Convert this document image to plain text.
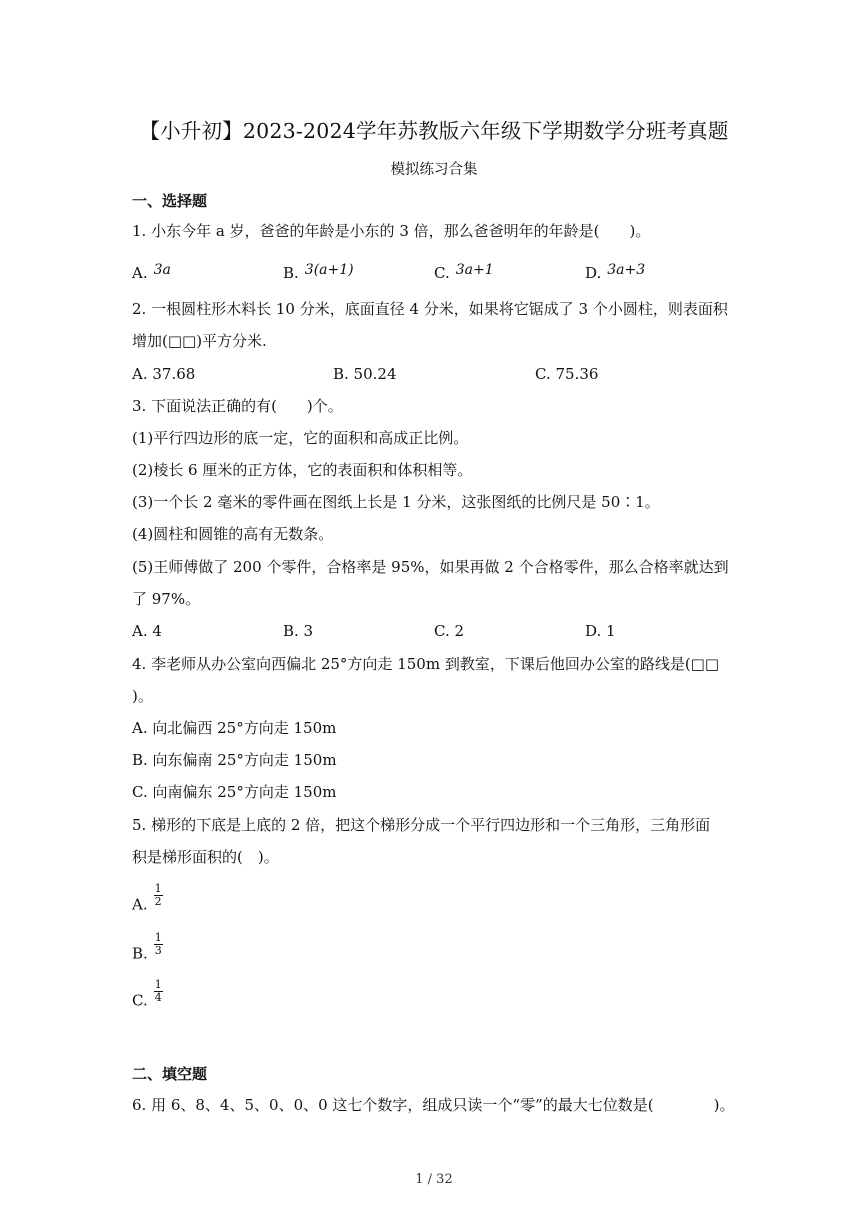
【小升初】2023-2024学年苏教版六年级下学期数学分班考真题
模拟练习合集
一、选择题
1. 小东今年 a 岁，爸爸的年龄是小东的 3 倍，那么爸爸明年的年龄是(　　)。
A. 3a	B. 3(a+1)	C. 3a+1	D. 3a+3
2. 一根圆柱形木料长 10 分米，底面直径 4 分米，如果将它锯成了 3 个小圆柱，则表面积
增加(□□)平方分米.
A. 37.68	B. 50.24	C. 75.36
3. 下面说法正确的有(　　)个。
(1)平行四边形的底一定，它的面积和高成正比例。
(2)棱长 6 厘米的正方体，它的表面积和体积相等。
(3)一个长 2 毫米的零件画在图纸上长是 1 分米，这张图纸的比例尺是 50∶1。
(4)圆柱和圆锥的高有无数条。
(5)王师傅做了 200 个零件，合格率是 95%，如果再做 2 个合格零件，那么合格率就达到
了 97%。
A. 4	B. 3	C. 2	D. 1
4. 李老师从办公室向西偏北 25°方向走 150m 到教室，下课后他回办公室的路线是(□□
)。
A. 向北偏西 25°方向走 150m
B. 向东偏南 25°方向走 150m
C. 向南偏东 25°方向走 150m
5. 梯形的下底是上底的 2 倍，把这个梯形分成一个平行四边形和一个三角形，三角形面
积是梯形面积的(　)。
A. $\frac{1}{2}$
B. $\frac{1}{3}$
C. $\frac{1}{4}$
二、填空题
6. 用 6、8、4、5、0、0、0 这七个数字，组成只读一个“零”的最大七位数是(　　　　)。
1 / 32
